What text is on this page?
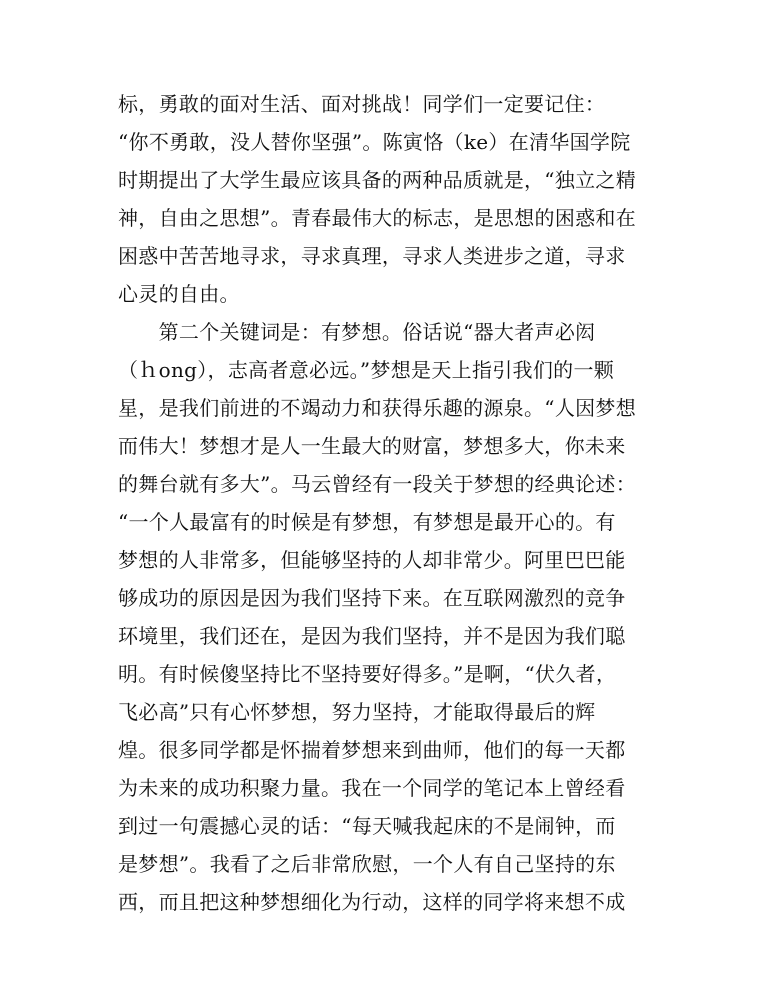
标，勇敢的面对生活、面对挑战！同学们一定要记住：
“你不勇敢，没人替你坚强”。陈寅恪（ke）在清华国学院
时期提出了大学生最应该具备的两种品质就是，“独立之精
神，自由之思想”。青春最伟大的标志，是思想的困惑和在
困惑中苦苦地寻求，寻求真理，寻求人类进步之道，寻求
心灵的自由。
　　第二个关键词是：有梦想。俗话说“器大者声必闳
（ｈong），志高者意必远。”梦想是天上指引我们的一颗
星，是我们前进的不竭动力和获得乐趣的源泉。“人因梦想
而伟大！梦想才是人一生最大的财富，梦想多大，你未来
的舞台就有多大”。马云曾经有一段关于梦想的经典论述：
“一个人最富有的时候是有梦想，有梦想是最开心的。有
梦想的人非常多，但能够坚持的人却非常少。阿里巴巴能
够成功的原因是因为我们坚持下来。在互联网激烈的竞争
环境里，我们还在，是因为我们坚持，并不是因为我们聪
明。有时候傻坚持比不坚持要好得多。”是啊，“伏久者，
飞必高”只有心怀梦想，努力坚持，才能取得最后的辉
煌。很多同学都是怀揣着梦想来到曲师，他们的每一天都
为未来的成功积聚力量。我在一个同学的笔记本上曾经看
到过一句震撼心灵的话：“每天喊我起床的不是闹钟，而
是梦想”。我看了之后非常欣慰，一个人有自己坚持的东
西，而且把这种梦想细化为行动，这样的同学将来想不成
